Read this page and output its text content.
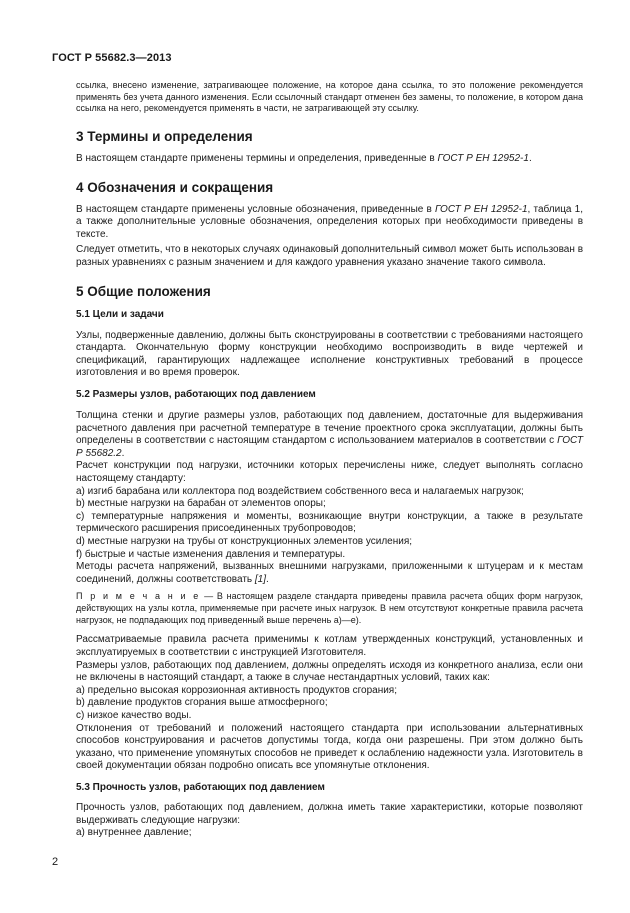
ГОСТ Р 55682.3—2013

ссылка, внесено изменение, затрагивающее положение, на которое дана ссылка, то это положение рекомендуется применять без учета данного изменения. Если ссылочный стандарт отменен без замены, то положение, в котором дана ссылка на него, рекомендуется применять в части, не затрагивающей эту ссылку.

3 Термины и определения

В настоящем стандарте применены термины и определения, приведенные в ГОСТ Р ЕН 12952-1.

4 Обозначения и сокращения

В настоящем стандарте применены условные обозначения, приведенные в ГОСТ Р ЕН 12952-1, таблица 1, а также дополнительные условные обозначения, определения которых при необходимости приведены в тексте.

Следует отметить, что в некоторых случаях одинаковый дополнительный символ может быть использован в разных уравнениях с разным значением и для каждого уравнения указано значение такого символа.

5 Общие положения
5.1 Цели и задачи

Узлы, подверженные давлению, должны быть сконструированы в соответствии с требованиями настоящего стандарта. Окончательную форму конструкции необходимо воспроизводить в виде чертежей и спецификаций, гарантирующих надлежащее исполнение конструктивных требований в процессе изготовления и во время проверок.

5.2 Размеры узлов, работающих под давлением

Толщина стенки и другие размеры узлов, работающих под давлением, достаточные для выдерживания расчетного давления при расчетной температуре в течение проектного срока эксплуатации, должны быть определены в соответствии с настоящим стандартом с использованием материалов в соответствии с ГОСТ Р 55682.2.

Расчет конструкции под нагрузки, источники которых перечислены ниже, следует выполнять согласно настоящему стандарту:

a) изгиб барабана или коллектора под воздействием собственного веса и налагаемых нагрузок;

b) местные нагрузки на барабан от элементов опоры;

c) температурные напряжения и моменты, возникающие внутри конструкции, а также в результате термического расширения присоединенных трубопроводов;

d) местные нагрузки на трубы от конструкционных элементов усиления;

f) быстрые и частые изменения давления и температуры.

Методы расчета напряжений, вызванных внешними нагрузками, приложенными к штуцерам и к местам соединений, должны соответствовать [1].

П р и м е ч а н и е — В настоящем разделе стандарта приведены правила расчета общих форм нагрузок, действующих на узлы котла, применяемые при расчете иных нагрузок. В нем отсутствуют конкретные правила расчета нагрузок, не подпадающих под приведенный выше перечень а)—е).

Рассматриваемые правила расчета применимы к котлам утвержденных конструкций, установленных и эксплуатируемых в соответствии с инструкцией Изготовителя.

Размеры узлов, работающих под давлением, должны определять исходя из конкретного анализа, если они не включены в настоящий стандарт, а также в случае нестандартных условий, таких как:

a) предельно высокая коррозионная активность продуктов сгорания;

b) давление продуктов сгорания выше атмосферного;

c) низкое качество воды.

Отклонения от требований и положений настоящего стандарта при использовании альтернативных способов конструирования и расчетов допустимы тогда, когда они разрешены. При этом должно быть указано, что применение упомянутых способов не приведет к ослаблению надежности узла. Изготовитель в своей документации обязан подробно описать все упомянутые отклонения.

5.3 Прочность узлов, работающих под давлением

Прочность узлов, работающих под давлением, должна иметь такие характеристики, которые позволяют выдерживать следующие нагрузки:

a) внутреннее давление;

2
